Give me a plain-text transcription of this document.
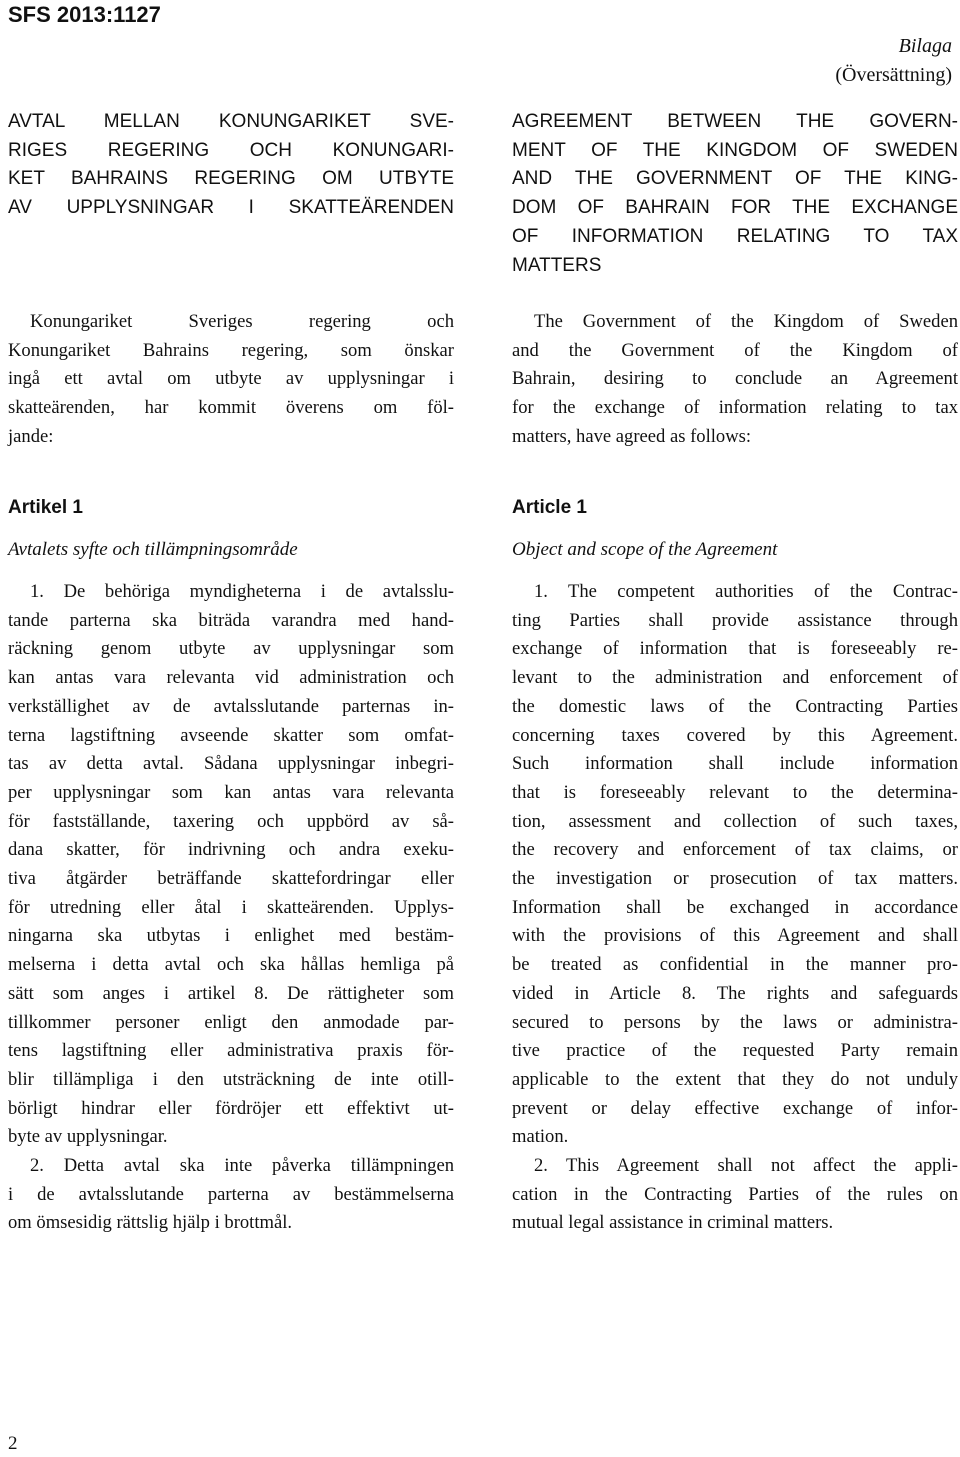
SFS 2013:1127
Bilaga
(Översättning)
AVTAL MELLAN KONUNGARIKET SVE-
RIGES REGERING OCH KONUNGARI-
KET BAHRAINS REGERING OM UTBYTE
AV UPPLYSNINGAR I SKATTEÄRENDEN
Konungariket Sveriges regering och
Konungariket Bahrains regering, som önskar
ingå ett avtal om utbyte av upplysningar i
skatteärenden, har kommit överens om föl-
jande:
Artikel 1
Avtalets syfte och tillämpningsområde
1. De behöriga myndigheterna i de avtalsslu-
tande parterna ska biträda varandra med hand-
räckning genom utbyte av upplysningar som
kan antas vara relevanta vid administration och
verkställighet av de avtalsslutande parternas in-
terna lagstiftning avseende skatter som omfat-
tas av detta avtal. Sådana upplysningar inbegri-
per upplysningar som kan antas vara relevanta
för fastställande, taxering och uppbörd av så-
dana skatter, för indrivning och andra exeku-
tiva åtgärder beträffande skattefordringar eller
för utredning eller åtal i skatteärenden. Upplys-
ningarna ska utbytas i enlighet med bestäm-
melserna i detta avtal och ska hållas hemliga på
sätt som anges i artikel 8. De rättigheter som
tillkommer personer enligt den anmodade par-
tens lagstiftning eller administrativa praxis för-
blir tillämpliga i den utsträckning de inte otill-
börligt hindrar eller fördröjer ett effektivt ut-
byte av upplysningar.
2. Detta avtal ska inte påverka tillämpningen
i de avtalsslutande parterna av bestämmelserna
om ömsesidig rättslig hjälp i brottmål.
AGREEMENT BETWEEN THE GOVERN-
MENT OF THE KINGDOM OF SWEDEN
AND THE GOVERNMENT OF THE KING-
DOM OF BAHRAIN FOR THE EXCHANGE
OF INFORMATION RELATING TO TAX
MATTERS
The Government of the Kingdom of Sweden
and the Government of the Kingdom of
Bahrain, desiring to conclude an Agreement
for the exchange of information relating to tax
matters, have agreed as follows:
Article 1
Object and scope of the Agreement
1. The competent authorities of the Contrac-
ting Parties shall provide assistance through
exchange of information that is foreseeably re-
levant to the administration and enforcement of
the domestic laws of the Contracting Parties
concerning taxes covered by this Agreement.
Such information shall include information
that is foreseeably relevant to the determina-
tion, assessment and collection of such taxes,
the recovery and enforcement of tax claims, or
the investigation or prosecution of tax matters.
Information shall be exchanged in accordance
with the provisions of this Agreement and shall
be treated as confidential in the manner pro-
vided in Article 8. The rights and safeguards
secured to persons by the laws or administra-
tive practice of the requested Party remain
applicable to the extent that they do not unduly
prevent or delay effective exchange of infor-
mation.
2. This Agreement shall not affect the appli-
cation in the Contracting Parties of the rules on
mutual legal assistance in criminal matters.
2
